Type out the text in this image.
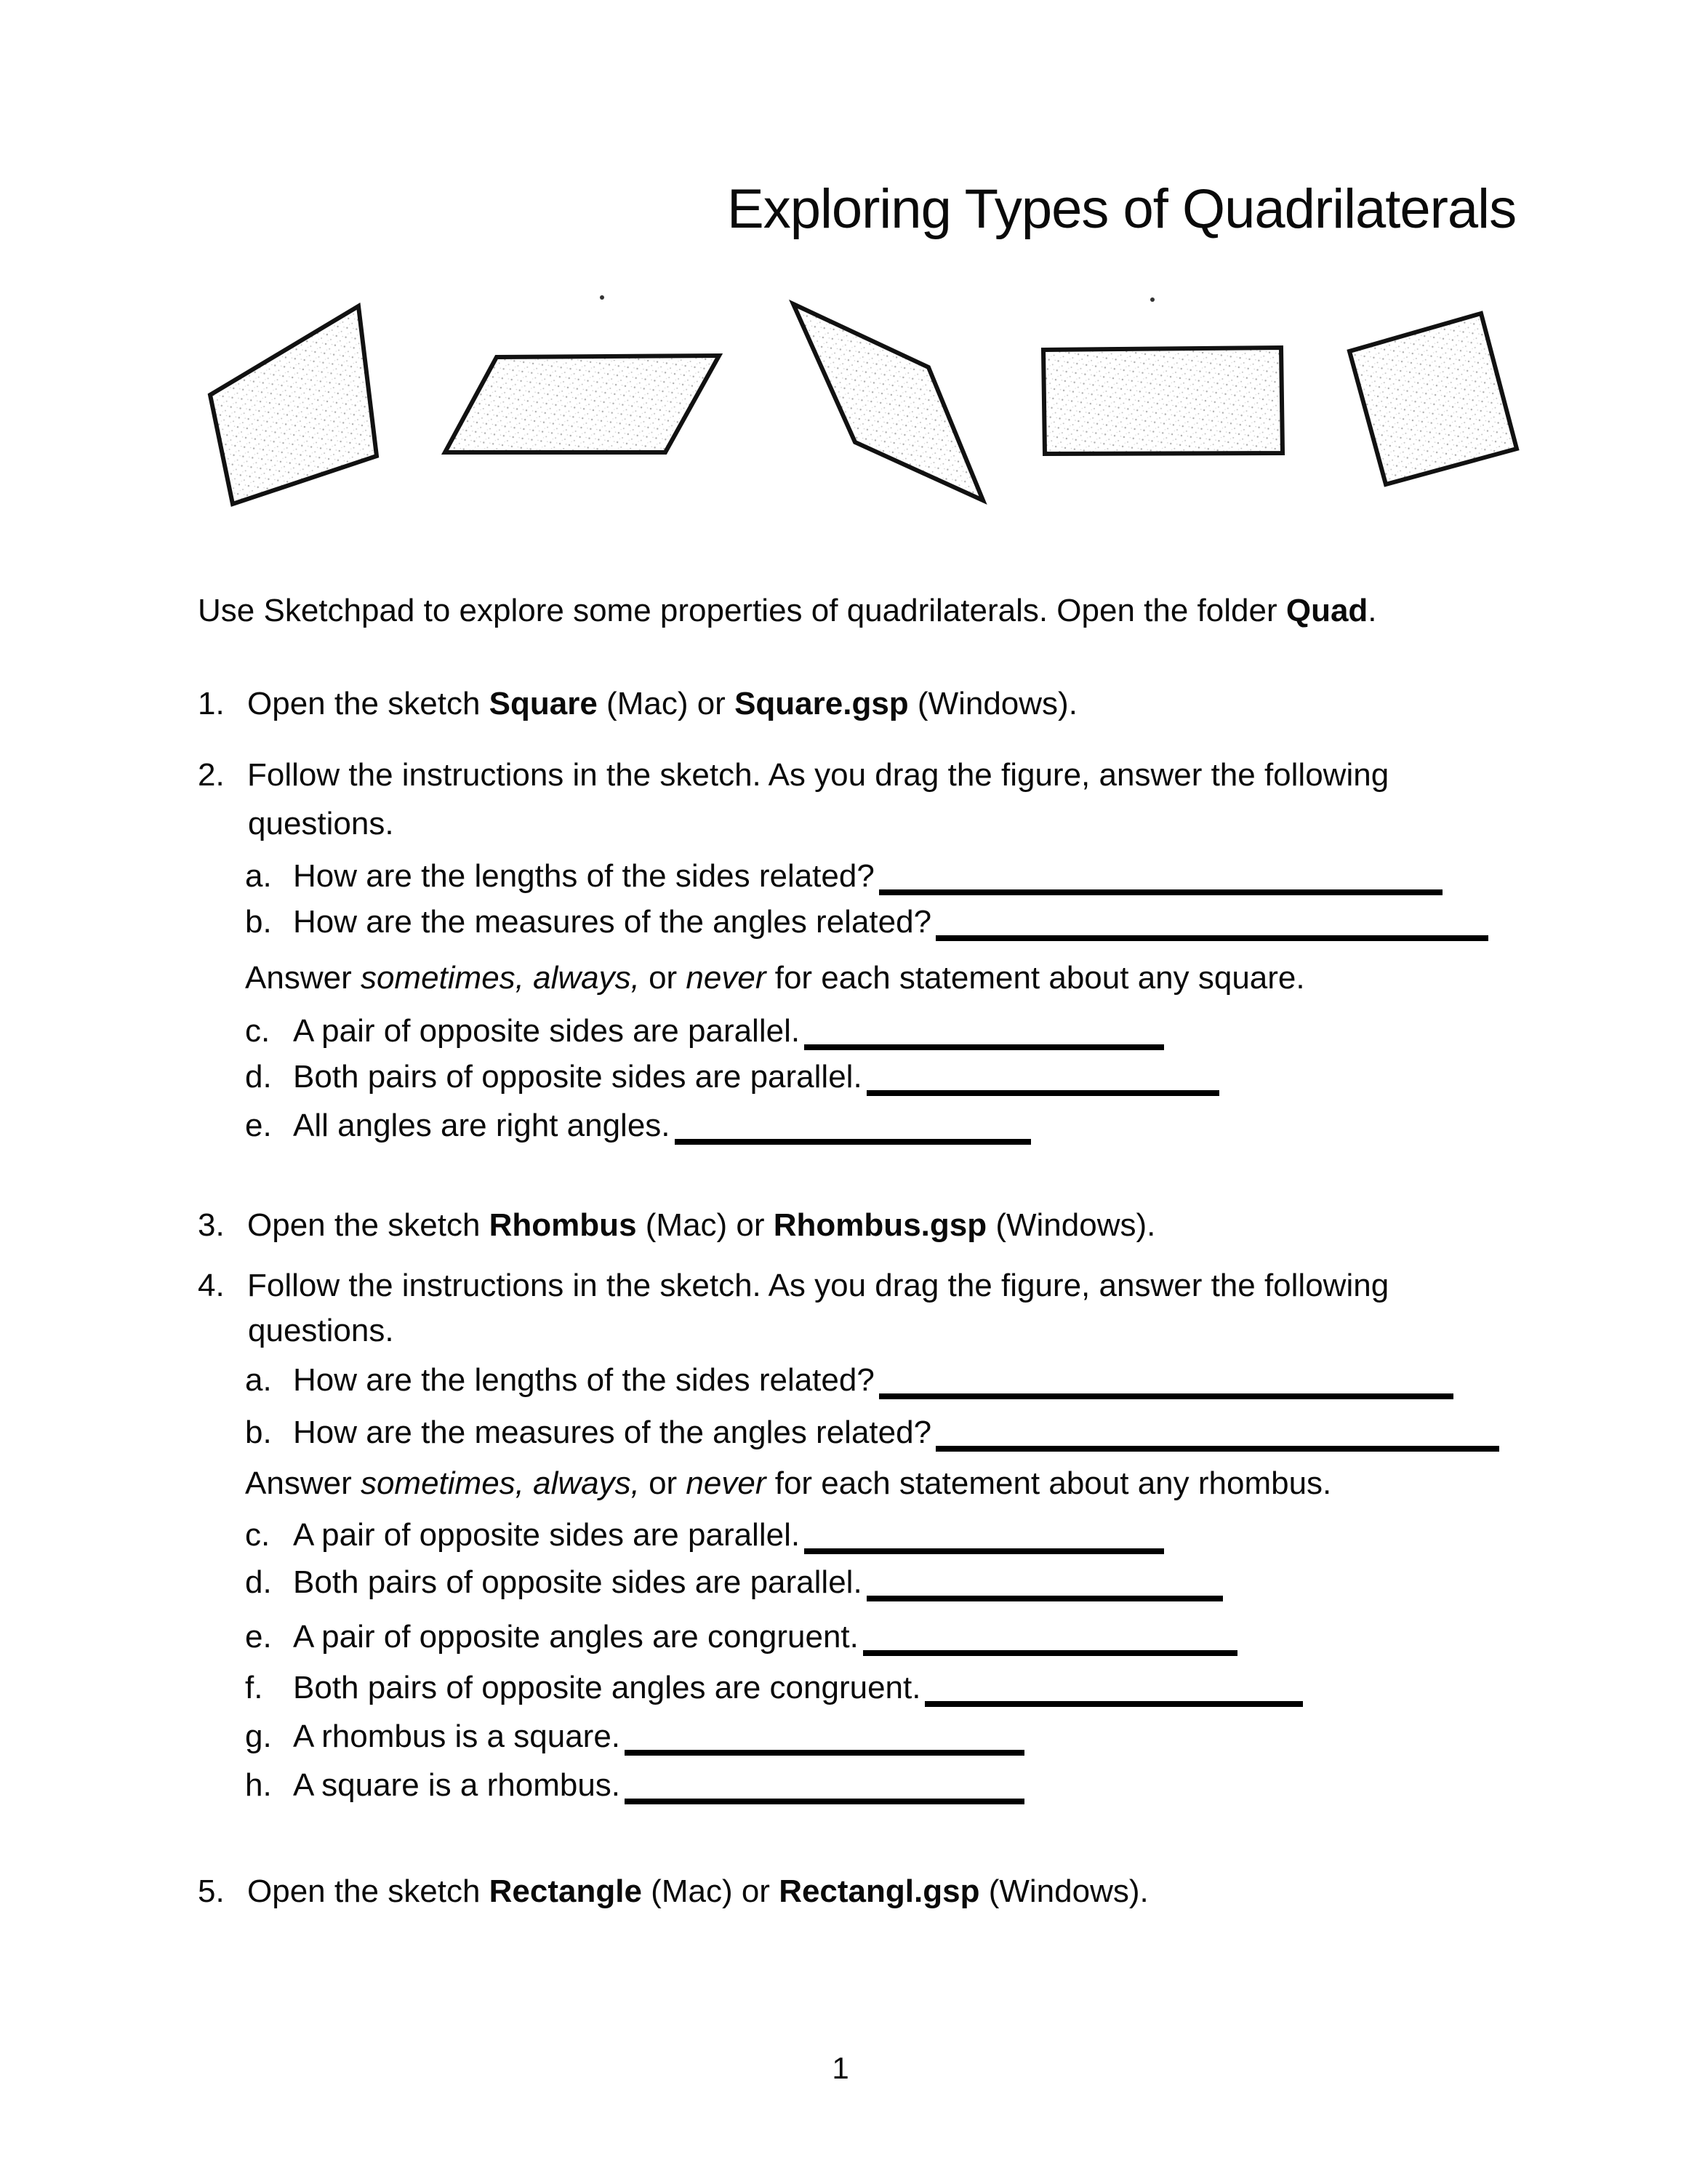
Exploring Types of Quadrilaterals
Use Sketchpad to explore some properties of quadrilaterals. Open the folder Quad.
1. Open the sketch Square (Mac) or Square.gsp (Windows).
2. Follow the instructions in the sketch. As you drag the figure, answer the following
questions.
a. How are the lengths of the sides related?
b. How are the measures of the angles related?
Answer sometimes, always, or never for each statement about any square.
c. A pair of opposite sides are parallel.
d. Both pairs of opposite sides are parallel.
e. All angles are right angles.
3. Open the sketch Rhombus (Mac) or Rhombus.gsp (Windows).
4. Follow the instructions in the sketch. As you drag the figure, answer the following
questions.
a. How are the lengths of the sides related?
b. How are the measures of the angles related?
Answer sometimes, always, or never for each statement about any rhombus.
c. A pair of opposite sides are parallel.
d. Both pairs of opposite sides are parallel.
e. A pair of opposite angles are congruent.
f. Both pairs of opposite angles are congruent.
g. A rhombus is a square.
h. A square is a rhombus.
5. Open the sketch Rectangle (Mac) or Rectangl.gsp (Windows).
1
